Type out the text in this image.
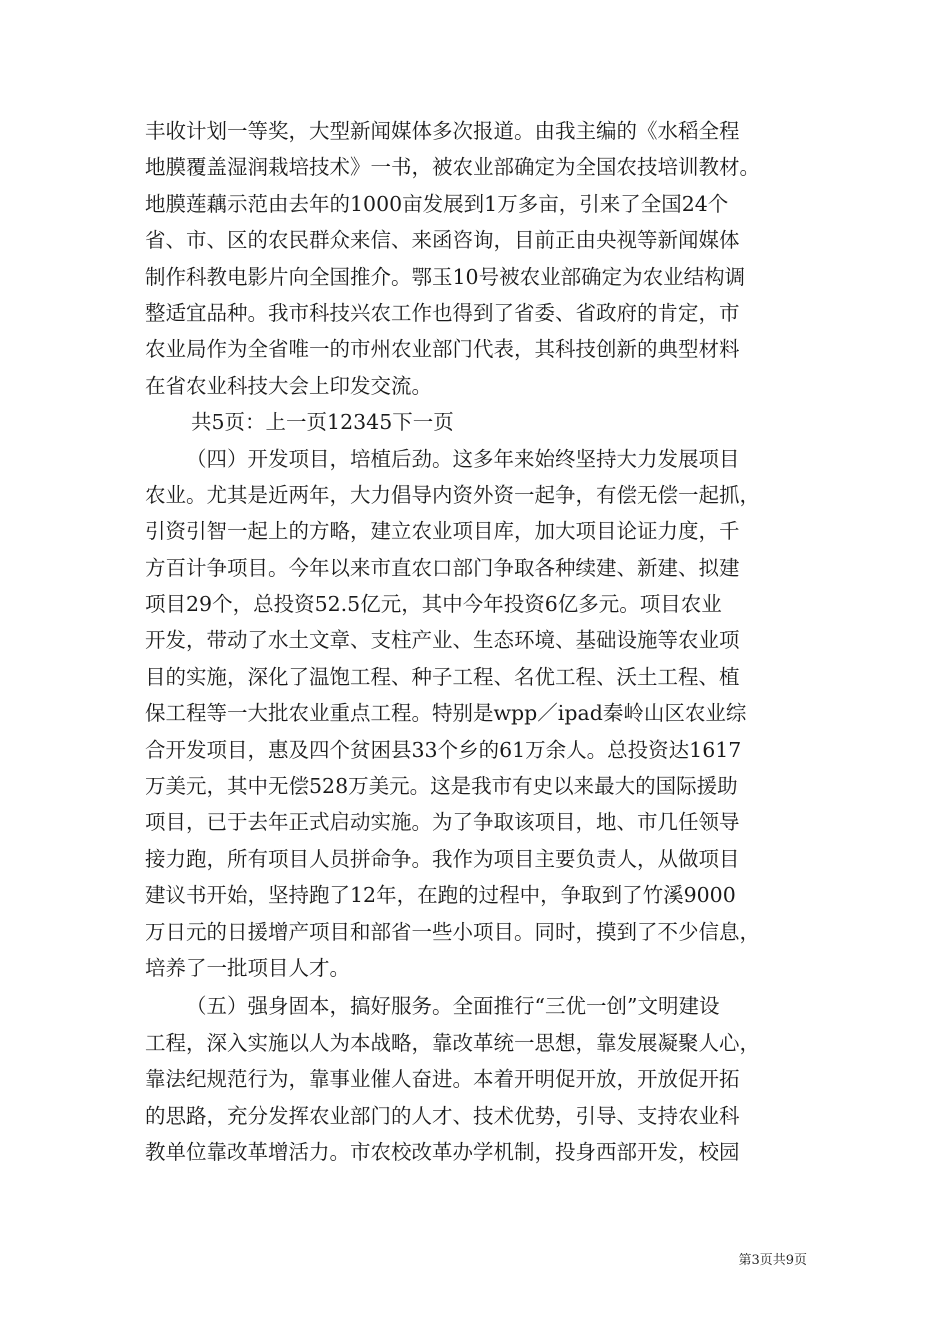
丰收计划一等奖，大型新闻媒体多次报道。由我主编的《水稻全程
地膜覆盖湿润栽培技术》一书，被农业部确定为全国农技培训教材。
地膜莲藕示范由去年的1000亩发展到1万多亩，引来了全国24个
省、市、区的农民群众来信、来函咨询，目前正由央视等新闻媒体
制作科教电影片向全国推介。鄂玉10号被农业部确定为农业结构调
整适宜品种。我市科技兴农工作也得到了省委、省政府的肯定，市
农业局作为全省唯一的市州农业部门代表，其科技创新的典型材料
在省农业科技大会上印发交流。
共5页：上一页12345下一页
（四）开发项目，培植后劲。这多年来始终坚持大力发展项目
农业。尤其是近两年，大力倡导内资外资一起争，有偿无偿一起抓，
引资引智一起上的方略，建立农业项目库，加大项目论证力度，千
方百计争项目。今年以来市直农口部门争取各种续建、新建、拟建
项目29个，总投资52.5亿元，其中今年投资6亿多元。项目农业
开发，带动了水土文章、支柱产业、生态环境、基础设施等农业项
目的实施，深化了温饱工程、种子工程、名优工程、沃土工程、植
保工程等一大批农业重点工程。特别是wpp／ipad秦岭山区农业综
合开发项目，惠及四个贫困县33个乡的61万余人。总投资达1617
万美元，其中无偿528万美元。这是我市有史以来最大的国际援助
项目，已于去年正式启动实施。为了争取该项目，地、市几任领导
接力跑，所有项目人员拼命争。我作为项目主要负责人，从做项目
建议书开始，坚持跑了12年，在跑的过程中，争取到了竹溪9000
万日元的日援增产项目和部省一些小项目。同时，摸到了不少信息，
培养了一批项目人才。
（五）强身固本，搞好服务。全面推行“三优一创”文明建设
工程，深入实施以人为本战略，靠改革统一思想，靠发展凝聚人心，
靠法纪规范行为，靠事业催人奋进。本着开明促开放，开放促开拓
的思路，充分发挥农业部门的人才、技术优势，引导、支持农业科
教单位靠改革增活力。市农校改革办学机制，投身西部开发，校园
第3页共9页
